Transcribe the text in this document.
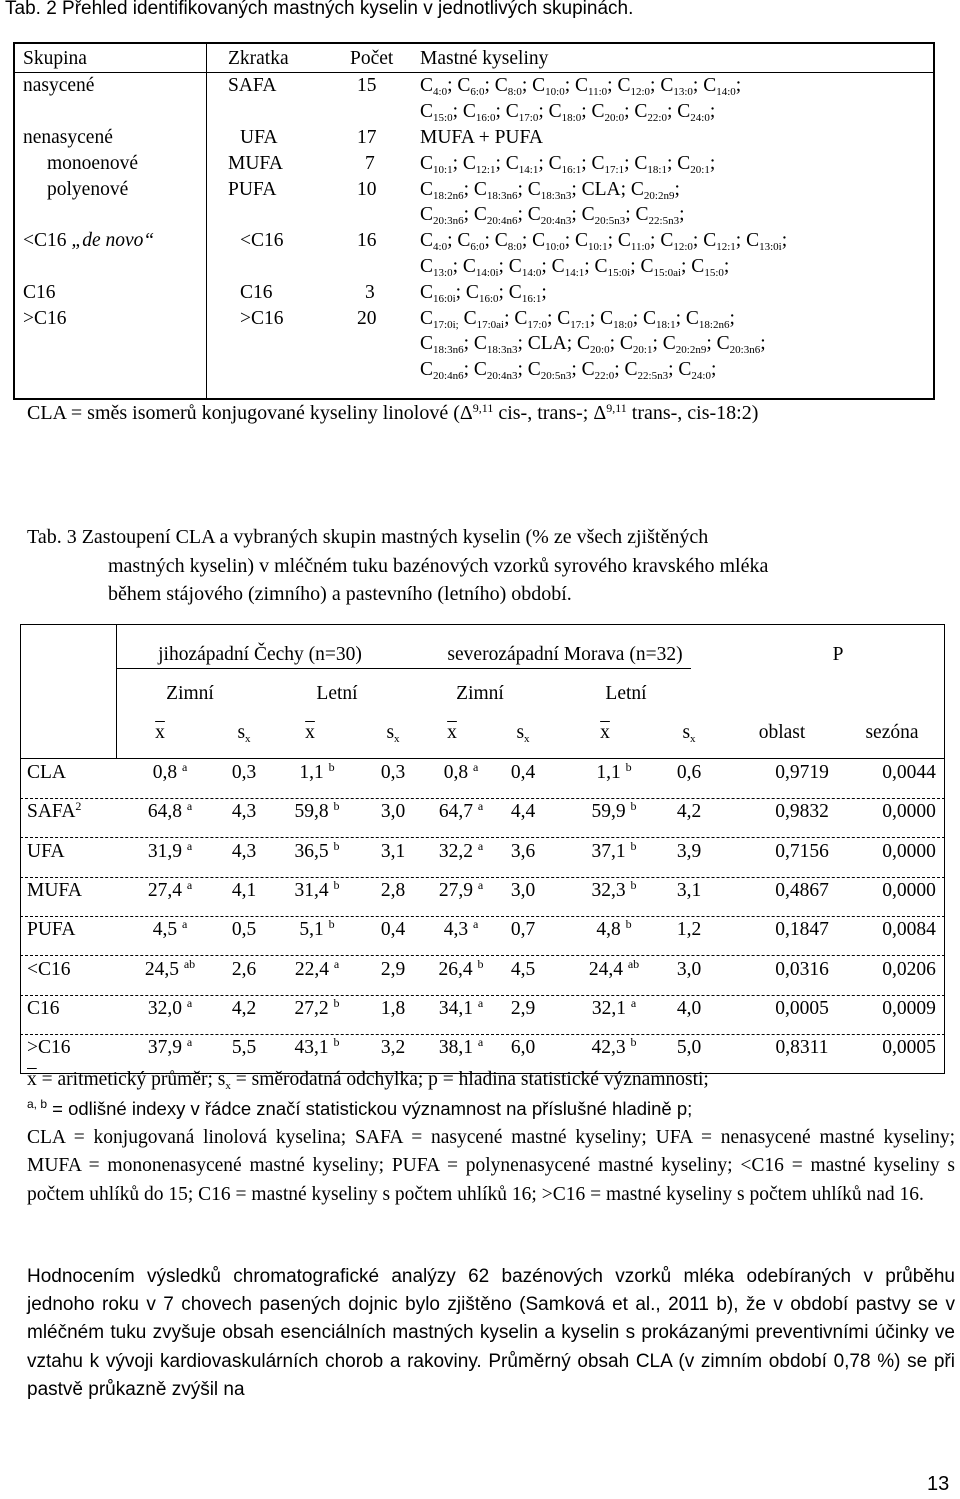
Tab. 2 Přehled identifikovaných mastných kyselin v jednotlivých skupinách.
Skupina	Zkratka	Počet Mastné kyseliny
nasycené	SAFA	15 $C_{4:0}$; $C_{6:0}$; $C_{8:0}$; $C_{10:0}$; $C_{11:0}$; $C_{12:0}$; $C_{13:0}$; $C_{14:0}$;
$C_{15:0}$; $C_{16:0}$; $C_{17:0}$; $C_{18:0}$; $C_{20:0}$; $C_{22:0}$; $C_{24:0}$;
nenasycené	UFA	17 MUFA + PUFA
monoenové	MUFA	7 $C_{10:1}$; $C_{12:1}$; $C_{14:1}$; $C_{16:1}$; $C_{17:1}$; $C_{18:1}$; $C_{20:1}$;
polyenové	PUFA	10 $C_{18:2n6}$; $C_{18:3n6}$; $C_{18:3n3}$; CLA; $C_{20:2n9}$;
$C_{20:3n6}$; $C_{20:4n6}$; $C_{20:4n3}$; $C_{20:5n3}$; $C_{22:5n3}$;
<C16 „de novo“	<C16	16 $C_{4:0}$; $C_{6:0}$; $C_{8:0}$; $C_{10:0}$; $C_{10:1}$; $C_{11:0}$; $C_{12:0}$; $C_{12:1}$; $C_{13:0i}$;
$C_{13:0}$; $C_{14:0i}$; $C_{14:0}$; $C_{14:1}$; $C_{15:0i}$; $C_{15:0ai}$; $C_{15:0}$;
C16	C16	3 $C_{16:0i}$; $C_{16:0}$; $C_{16:1}$;
>C16	>C16	20 $C_{17:0i;}$ $C_{17:0ai}$; $C_{17:0}$; $C_{17:1}$; $C_{18:0}$; $C_{18:1}$; $C_{18:2n6}$;
$C_{18:3n6}$; $C_{18:3n3}$; CLA; $C_{20:0}$; $C_{20:1}$; $C_{20:2n9}$; $C_{20:3n6}$;
$C_{20:4n6}$; $C_{20:4n3}$; $C_{20:5n3}$; $C_{22:0}$; $C_{22:5n3}$; $C_{24:0}$;
CLA = směs isomerů konjugované kyseliny linolové ($\Delta^{9,11}$ cis-, trans-; Δ$^{9,11}$ trans-, cis-18:2)
Tab. 3 Zastoupení CLA a vybraných skupin mastných kyselin (% ze všech zjištěných
mastných kyselin) v mléčném tuku bazénových vzorků syrového kravského mléka
během stájového (zimního) a pastevního (letního) období.
jihozápadní Čechy (n=30)	severozápadní Morava (n=32)	P
Zimní	Letní	Zimní	Letní
$\overline{x}$	$s_x$	$\overline{x}$	$s_x$	$\overline{x}$	$s_x$	$\overline{x}$	$s_x$	oblast	sezóna
CLA	0,8 $^a$	0,3	1,1 $^b$	0,3	0,8 $^a$	0,4	1,1 $^b$	0,6	0,9719	0,0044
SAFA$^2$	64,8 $^a$	4,3	59,8 $^b$	3,0	64,7 $^a$	4,4	59,9 $^b$	4,2	0,9832	0,0000
UFA	31,9 $^a$	4,3	36,5 $^b$	3,1	32,2 $^a$	3,6	37,1 $^b$	3,9	0,7156	0,0000
MUFA	27,4 $^a$	4,1	31,4 $^b$	2,8	27,9 $^a$	3,0	32,3 $^b$	3,1	0,4867	0,0000
PUFA	4,5 $^a$	0,5	5,1 $^b$	0,4	4,3 $^a$	0,7	4,8 $^b$	1,2	0,1847	0,0084
<C16	24,5 $^{ab}$	2,6	22,4 $^a$	2,9	26,4 $^b$	4,5	24,4 $^{ab}$	3,0	0,0316	0,0206
C16	32,0 $^a$	4,2	27,2 $^b$	1,8	34,1 $^a$	2,9	32,1 $^a$	4,0	0,0005	0,0009
>C16	37,9 $^a$	5,5	43,1 $^b$	3,2	38,1 $^a$	6,0	42,3 $^b$	5,0	0,8311	0,0005
$\overline{x}$ = aritmetický průměr; $s_x$ = směrodatná odchylka; p = hladina statistické významnosti;
$^{a, b}$ = odlišné indexy v řádce značí statistickou významnost na příslušné hladině p;
CLA = konjugovaná linolová kyselina; SAFA = nasycené mastné kyseliny; UFA = nenasycené mastné kyseliny; MUFA = mononenasycené mastné kyseliny; PUFA = polynenasycené mastné kyseliny; <C16 = mastné kyseliny s počtem uhlíků do 15; C16 = mastné kyseliny s počtem uhlíků 16; >C16 = mastné kyseliny s počtem uhlíků nad 16.
Hodnocením výsledků chromatografické analýzy 62 bazénových vzorků mléka odebíraných v průběhu jednoho roku v 7 chovech pasených dojnic bylo zjištěno (Samková et al., 2011 b), že v období pastvy se v mléčném tuku zvyšuje obsah esenciálních mastných kyselin a kyselin s prokázanými preventivními účinky ve vztahu k vývoji kardiovaskulárních chorob a rakoviny. Průměrný obsah CLA (v zimním období 0,78 %) se při pastvě průkazně zvýšil na
13
